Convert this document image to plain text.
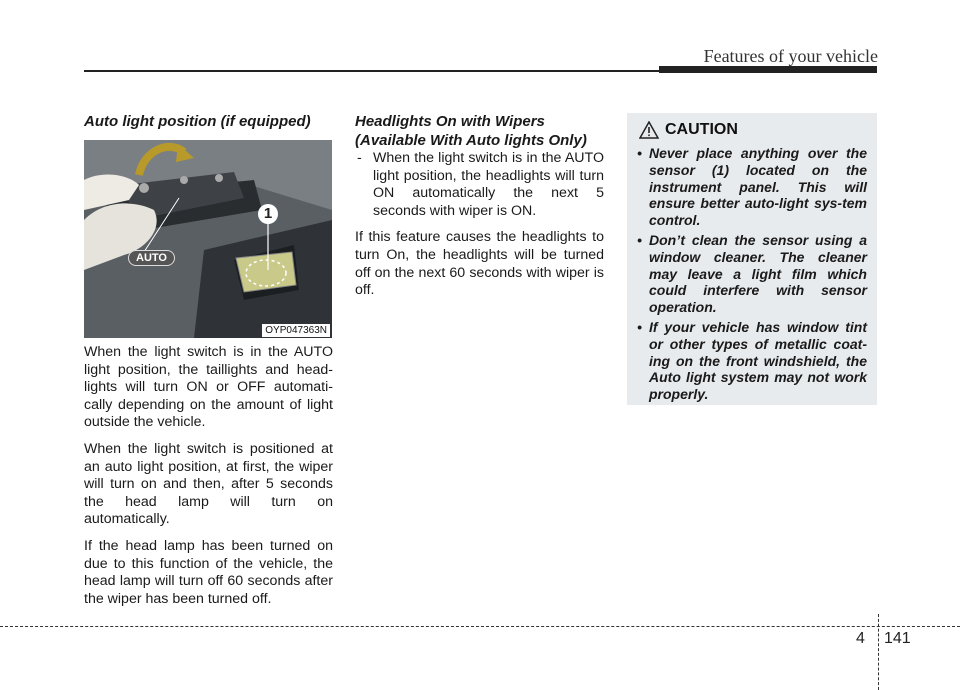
Features of your vehicle
Auto light position (if equipped)
AUTO
1
OYP047363N

When the light switch is in the AUTO light position, the taillights and head-lights will turn ON or OFF automati-cally depending on the amount of light outside the vehicle.

When the light switch is positioned at an auto light position, at first, the wiper will turn on and then, after 5 seconds the head lamp will turn on automatically.

If the head lamp has been turned on due to this function of the vehicle, the head lamp will turn off 60 seconds after the wiper has been turned off.

Headlights On with Wipers
(Available With Auto lights Only)
- When the light switch is in the AUTO light position, the headlights will turn ON automatically the next 5 seconds with wiper is ON.

If this feature causes the headlights to turn On, the headlights will be turned off on the next 60 seconds with wiper is off.

CAUTION
• Never place anything over the sensor (1) located on the instrument panel. This will ensure better auto-light sys-tem control.
• Don’t clean the sensor using a window cleaner. The cleaner may leave a light film which could interfere with sensor operation.
• If your vehicle has window tint or other types of metallic coat-ing on the front windshield, the Auto light system may not work properly.
4 141
